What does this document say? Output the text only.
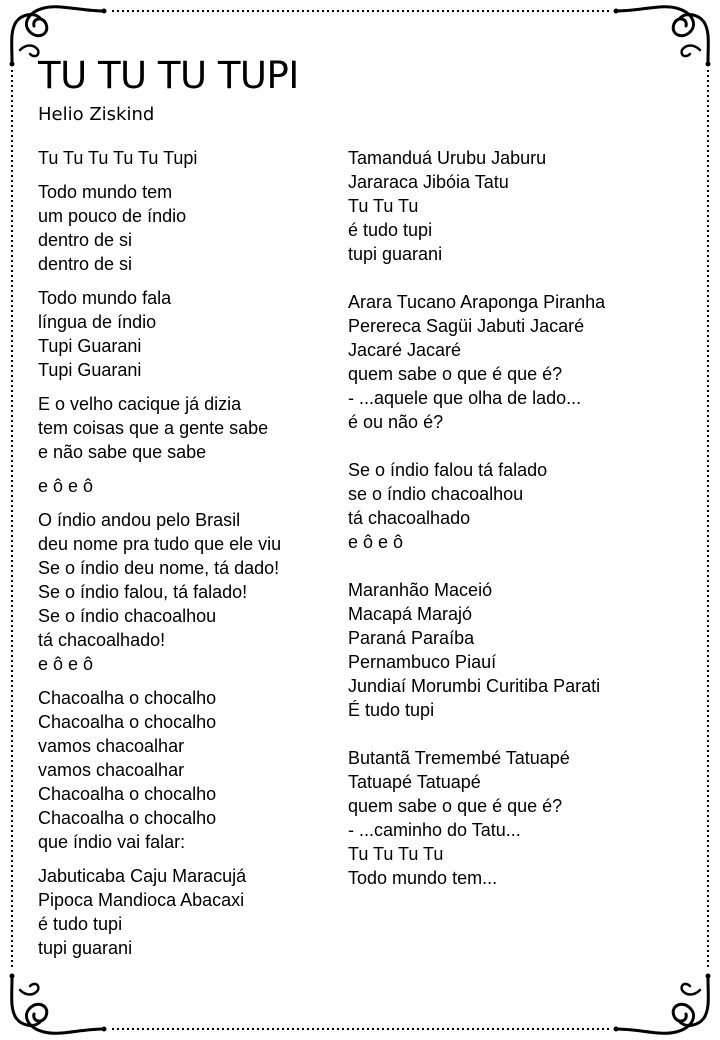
TU TU TU TUPI
Helio Ziskind

Tu Tu Tu Tu Tu Tupi

Todo mundo tem
um pouco de índio
dentro de si
dentro de si

Todo mundo fala
língua de índio
Tupi Guarani
Tupi Guarani

E o velho cacique já dizia
tem coisas que a gente sabe
e não sabe que sabe

e ô e ô

O índio andou pelo Brasil
deu nome pra tudo que ele viu
Se o índio deu nome, tá dado!
Se o índio falou, tá falado!
Se o índio chacoalhou
tá chacoalhado!
e ô e ô

Chacoalha o chocalho
Chacoalha o chocalho
vamos chacoalhar
vamos chacoalhar
Chacoalha o chocalho
Chacoalha o chocalho
que índio vai falar:

Jabuticaba Caju Maracujá
Pipoca Mandioca Abacaxi
é tudo tupi
tupi guarani

Tamanduá Urubu Jaburu
Jararaca Jibóia Tatu
Tu Tu Tu
é tudo tupi
tupi guarani

Arara Tucano Araponga Piranha
Perereca Sagüi Jabuti Jacaré
Jacaré Jacaré
quem sabe o que é que é?
- ...aquele que olha de lado...
é ou não é?

Se o índio falou tá falado
se o índio chacoalhou
tá chacoalhado
e ô e ô

Maranhão Maceió
Macapá Marajó
Paraná Paraíba
Pernambuco Piauí
Jundiaí Morumbi Curitiba Parati
É tudo tupi

Butantã Tremembé Tatuapé
Tatuapé Tatuapé
quem sabe o que é que é?
- ...caminho do Tatu...
Tu Tu Tu Tu
Todo mundo tem...
